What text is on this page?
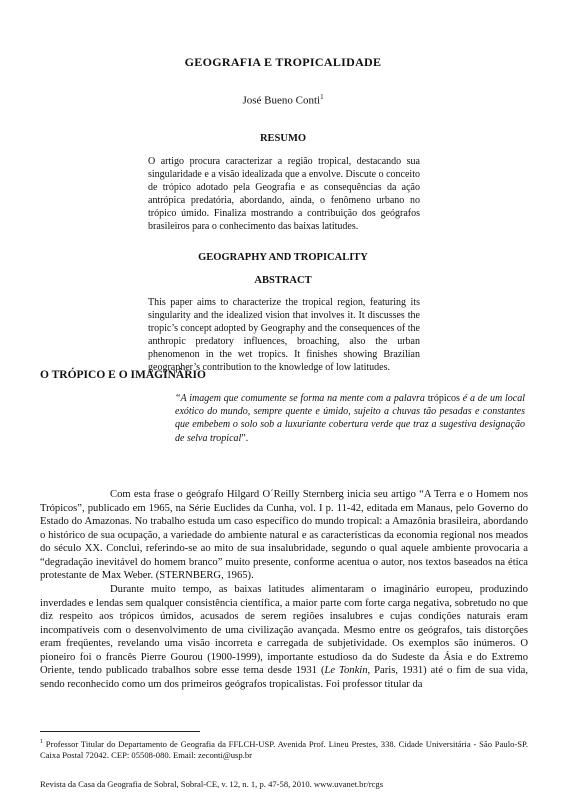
GEOGRAFIA E TROPICALIDADE
José Bueno Conti$^1$
RESUMO
O artigo procura caracterizar a região tropical, destacando sua singularidade e a visão idealizada que a envolve. Discute o conceito de trópico adotado pela Geografia e as consequências da ação antrópica predatória, abordando, ainda, o fenômeno urbano no trópico úmido. Finaliza mostrando a contribuição dos geógrafos brasileiros para o conhecimento das baixas latitudes.
GEOGRAPHY AND TROPICALITY
ABSTRACT
This paper aims to characterize the tropical region, featuring its singularity and the idealized vision that involves it. It discusses the tropic’s concept adopted by Geography and the consequences of the anthropic predatory influences, broaching, also the urban phenomenon in the wet tropics. It finishes showing Brazilian geographer’s contribution to the knowledge of low latitudes.
O TRÓPICO E O IMAGINÁRIO
“A imagem que comumente se forma na mente com a palavra trópicos é a de um local exótico do mundo, sempre quente e úmido, sujeito a chuvas tão pesadas e constantes que embebem o solo sob a luxuriante cobertura verde que traz a sugestiva designação de selva tropical”.

Com esta frase o geógrafo Hilgard O´Reilly Sternberg inicia seu artigo “A Terra e o Homem nos Trópicos”, publicado em 1965, na Série Euclides da Cunha, vol. I p. 11-42, editada em Manaus, pelo Governo do Estado do Amazonas. No trabalho estuda um caso específico do mundo tropical: a Amazônia brasileira, abordando o histórico de sua ocupação, a variedade do ambiente natural e as características da economia regional nos meados do século XX. Conclui, referindo-se ao mito de sua insalubridade, segundo o qual aquele ambiente provocaria a “degradação inevitável do homem branco” muito presente, conforme acentua o autor, nos textos baseados na ética protestante de Max Weber. (STERNBERG, 1965).

Durante muito tempo, as baixas latitudes alimentaram o imaginário europeu, produzindo inverdades e lendas sem qualquer consistência científica, a maior parte com forte carga negativa, sobretudo no que diz respeito aos trópicos úmidos, acusados de serem regiões insalubres e cujas condições naturais eram incompatíveis com o desenvolvimento de uma civilização avançada. Mesmo entre os geógrafos, tais distorções eram freqüentes, revelando uma visão incorreta e carregada de subjetividade. Os exemplos são inúmeros. O pioneiro foi o francês Pierre Gourou (1900-1999), importante estudioso da do Sudeste da Ásia e do Extremo Oriente, tendo publicado trabalhos sobre esse tema desde 1931 (Le Tonkin, Paris, 1931) até o fim de sua vida, sendo reconhecido como um dos primeiros geógrafos tropicalistas. Foi professor titular da

$^1$ Professor Titular do Departamento de Geografia da FFLCH-USP. Avenida Prof. Lineu Prestes, 338. Cidade Universitária - São Paulo-SP. Caixa Postal 72042. CEP: 05508-080. Email: zeconti@usp.br
Revista da Casa da Geografia de Sobral, Sobral-CE, v. 12, n. 1, p. 47-58, 2010. www.uvanet.br/rcgs
